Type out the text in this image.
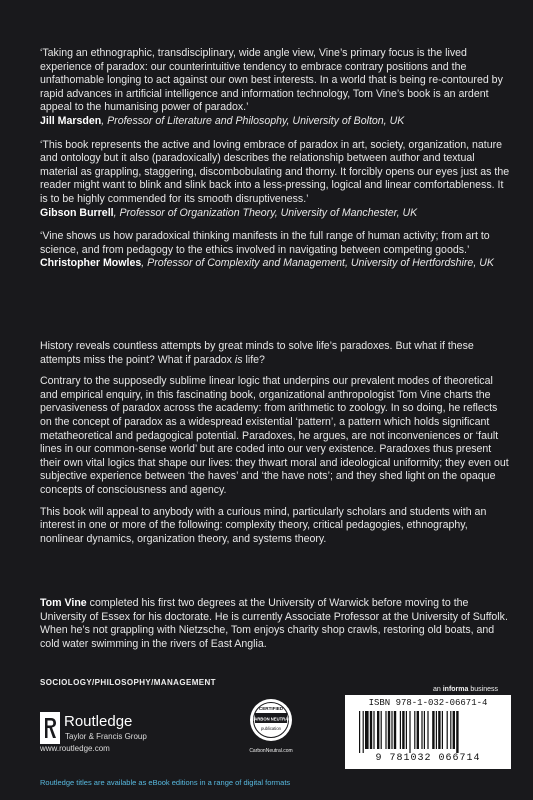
‘Taking an ethnographic, transdisciplinary, wide angle view, Vine’s primary focus is the lived experience of paradox: our counterintuitive tendency to embrace contrary positions and the unfathomable longing to act against our own best interests. In a world that is being re-contoured by rapid advances in artificial intelligence and information technology, Tom Vine’s book is an ardent appeal to the humanising power of paradox.’
Jill Marsden, Professor of Literature and Philosophy, University of Bolton, UK
‘This book represents the active and loving embrace of paradox in art, society, organization, nature and ontology but it also (paradoxically) describes the relationship between author and textual material as grappling, staggering, discombobulating and thorny. It forcibly opens our eyes just as the reader might want to blink and slink back into a less-pressing, logical and linear comfortableness. It is to be highly commended for its smooth disruptiveness.’
Gibson Burrell, Professor of Organization Theory, University of Manchester, UK
‘Vine shows us how paradoxical thinking manifests in the full range of human activity; from art to science, and from pedagogy to the ethics involved in navigating between competing goods.’
Christopher Mowles, Professor of Complexity and Management, University of Hertfordshire, UK

History reveals countless attempts by great minds to solve life’s paradoxes. But what if these attempts miss the point? What if paradox is life?

Contrary to the supposedly sublime linear logic that underpins our prevalent modes of theoretical and empirical enquiry, in this fascinating book, organizational anthropologist Tom Vine charts the pervasiveness of paradox across the academy: from arithmetic to zoology. In so doing, he reflects on the concept of paradox as a widespread existential ‘pattern’, a pattern which holds significant metatheoretical and pedagogical potential. Paradoxes, he argues, are not inconveniences or ‘fault lines in our common-sense world’ but are coded into our very existence. Paradoxes thus present their own vital logics that shape our lives: they thwart moral and ideological uniformity; they even out subjective experience between ‘the haves’ and ‘the have nots’; and they shed light on the opaque concepts of consciousness and agency.

This book will appeal to anybody with a curious mind, particularly scholars and students with an interest in one or more of the following: complexity theory, critical pedagogies, ethnography, nonlinear dynamics, organization theory, and systems theory.

Tom Vine completed his first two degrees at the University of Warwick before moving to the University of Essex for his doctorate. He is currently Associate Professor at the University of Suffolk. When he’s not grappling with Nietzsche, Tom enjoys charity shop crawls, restoring old boats, and cold water swimming in the rivers of East Anglia.
SOCIOLOGY/PHILOSOPHY/MANAGEMENT
Routledge
Taylor & Francis Group
www.routledge.com
CERTIFIED
CARBON NEUTRAL
publication
CarbonNeutral.com
an informa business
ISBN 978-1-032-06671-4
9 781032 066714
Routledge titles are available as eBook editions in a range of digital formats
